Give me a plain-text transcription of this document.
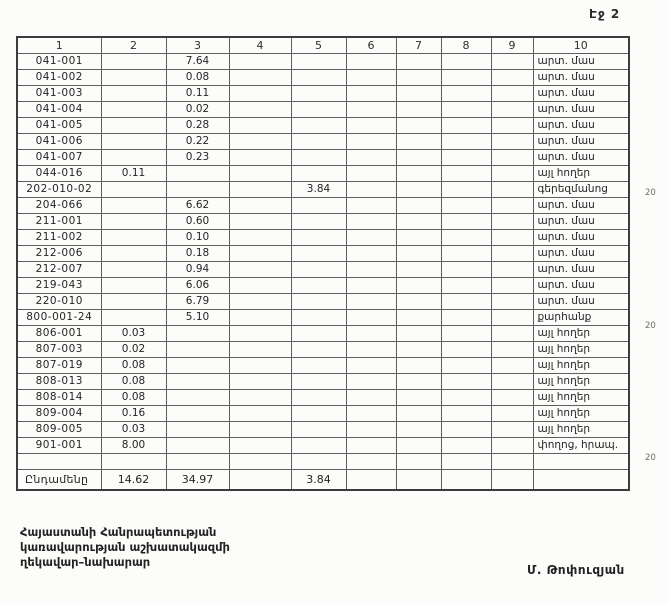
Էջ 2
1	2	3	4	5	6	7	8	9	10
041-001		7.64							արտ. մաս
041-002		0.08							արտ. մաս
041-003		0.11							արտ. մաս
041-004		0.02							արտ. մաս
041-005		0.28							արտ. մաս
041-006		0.22							արտ. մաս
041-007		0.23							արտ. մաս
044-016	0.11								այլ հողեր
202-010-02				3.84					գերեզմանոց
204-066		6.62							արտ. մաս
211-001		0.60							արտ. մաս
211-002		0.10							արտ. մաս
212-006		0.18							արտ. մաս
212-007		0.94							արտ. մաս
219-043		6.06							արտ. մաս
220-010		6.79							արտ. մաս
800-001-24		5.10							քարհանք
806-001	0.03								այլ հողեր
807-003	0.02								այլ հողեր
807-019	0.08								այլ հողեր
808-013	0.08								այլ հողեր
808-014	0.08								այլ հողեր
809-004	0.16								այլ հողեր
809-005	0.03								այլ հողեր
901-001	8.00								փողոց, հրապ.

Ընդամենը	14.62	34.97		3.84					
20
20
20
Հայաստանի Հանրապետության
կառավարության աշխատակազմի
ղեկավար–նախարար
Մ. Թոփուզյան
